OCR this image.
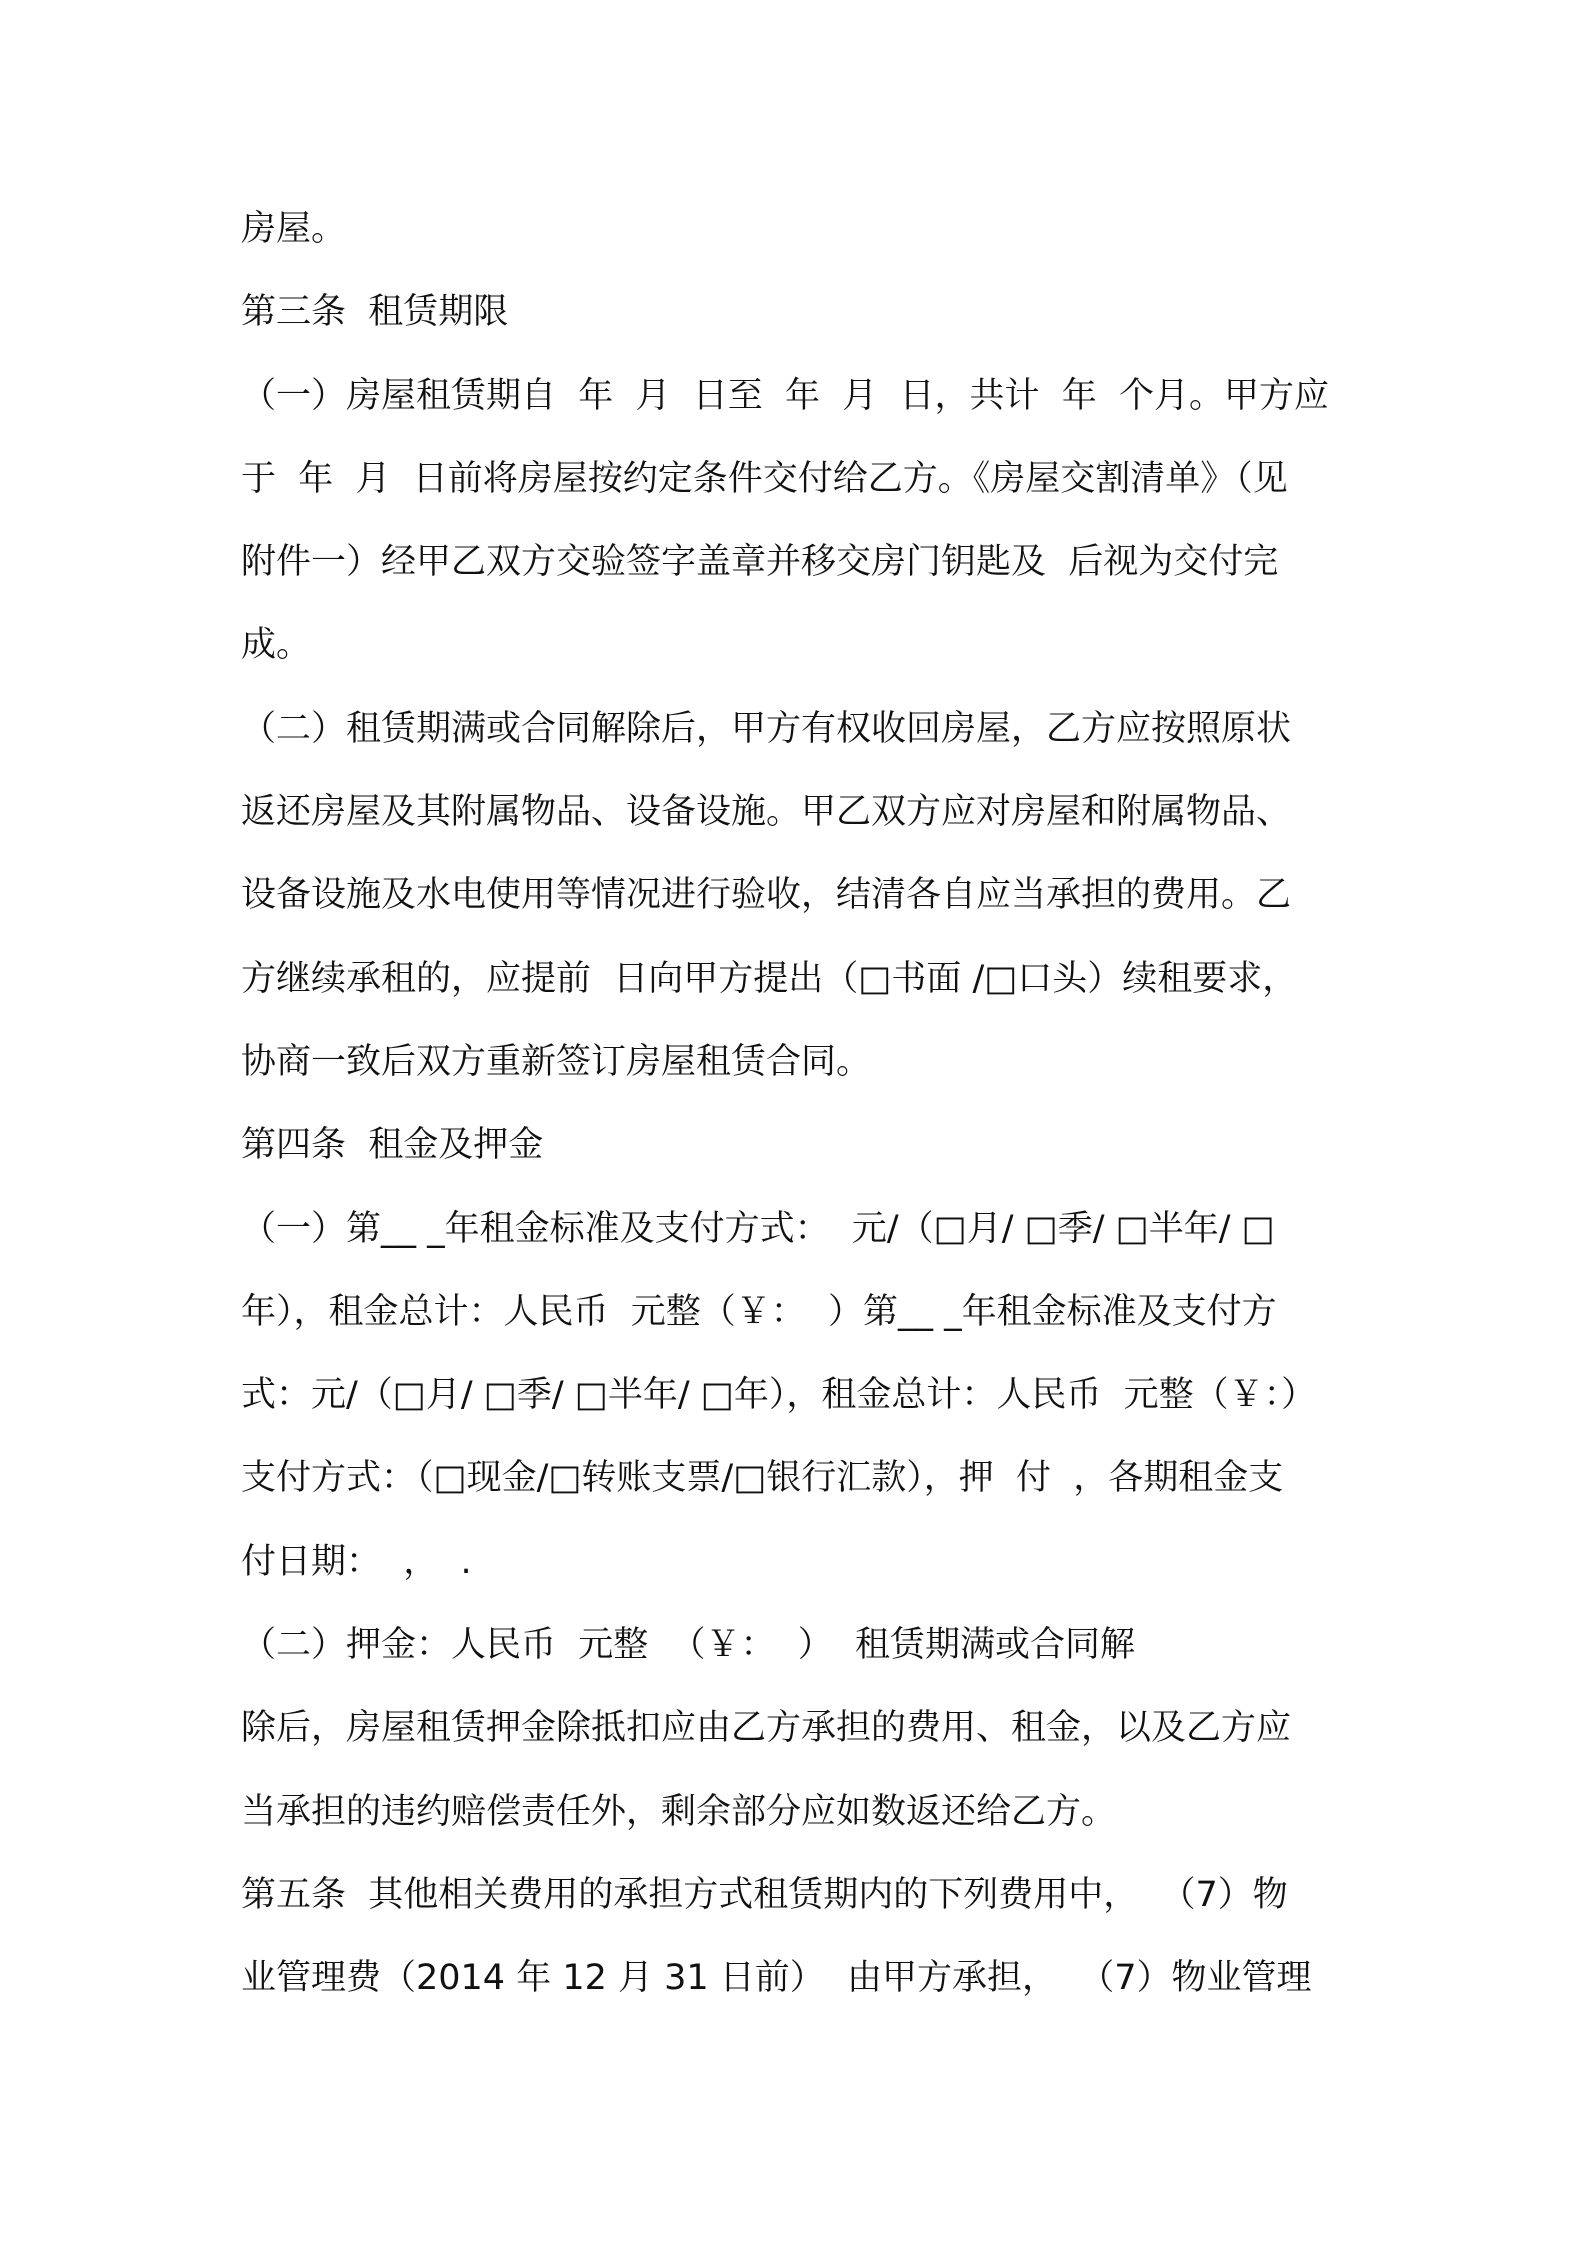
房屋。
第三条  租赁期限
（一）房屋租赁期自  年  月  日至  年  月  日，共计  年  个月。甲方应
于  年  月  日前将房屋按约定条件交付给乙方。《房屋交割清单》（见
附件一）经甲乙双方交验签字盖章并移交房门钥匙及  后视为交付完
成。
（二）租赁期满或合同解除后，甲方有权收回房屋，乙方应按照原状
返还房屋及其附属物品、设备设施。甲乙双方应对房屋和附属物品、
设备设施及水电使用等情况进行验收，结清各自应当承担的费用。乙
方继续承租的，应提前  日向甲方提出（□书面 /□口头）续租要求，
协商一致后双方重新签订房屋租赁合同。
第四条  租金及押金
（一）第__ _年租金标准及支付方式：  元/（□月/ □季/ □半年/ □
年），租金总计：人民币  元整（￥：  ）第__ _年租金标准及支付方
式：元/（□月/ □季/ □半年/ □年），租金总计：人民币  元整（￥：）
支付方式：（□现金/□转账支票/□银行汇款），押  付  ，各期租金支
付日期：  ，  .
（二）押金：人民币  元整  （￥：  ）  租赁期满或合同解
除后，房屋租赁押金除抵扣应由乙方承担的费用、租金，以及乙方应
当承担的违约赔偿责任外，剩余部分应如数返还给乙方。
第五条  其他相关费用的承担方式租赁期内的下列费用中，  （7）物
业管理费（2014 年 12 月 31 日前）  由甲方承担，  （7）物业管理
